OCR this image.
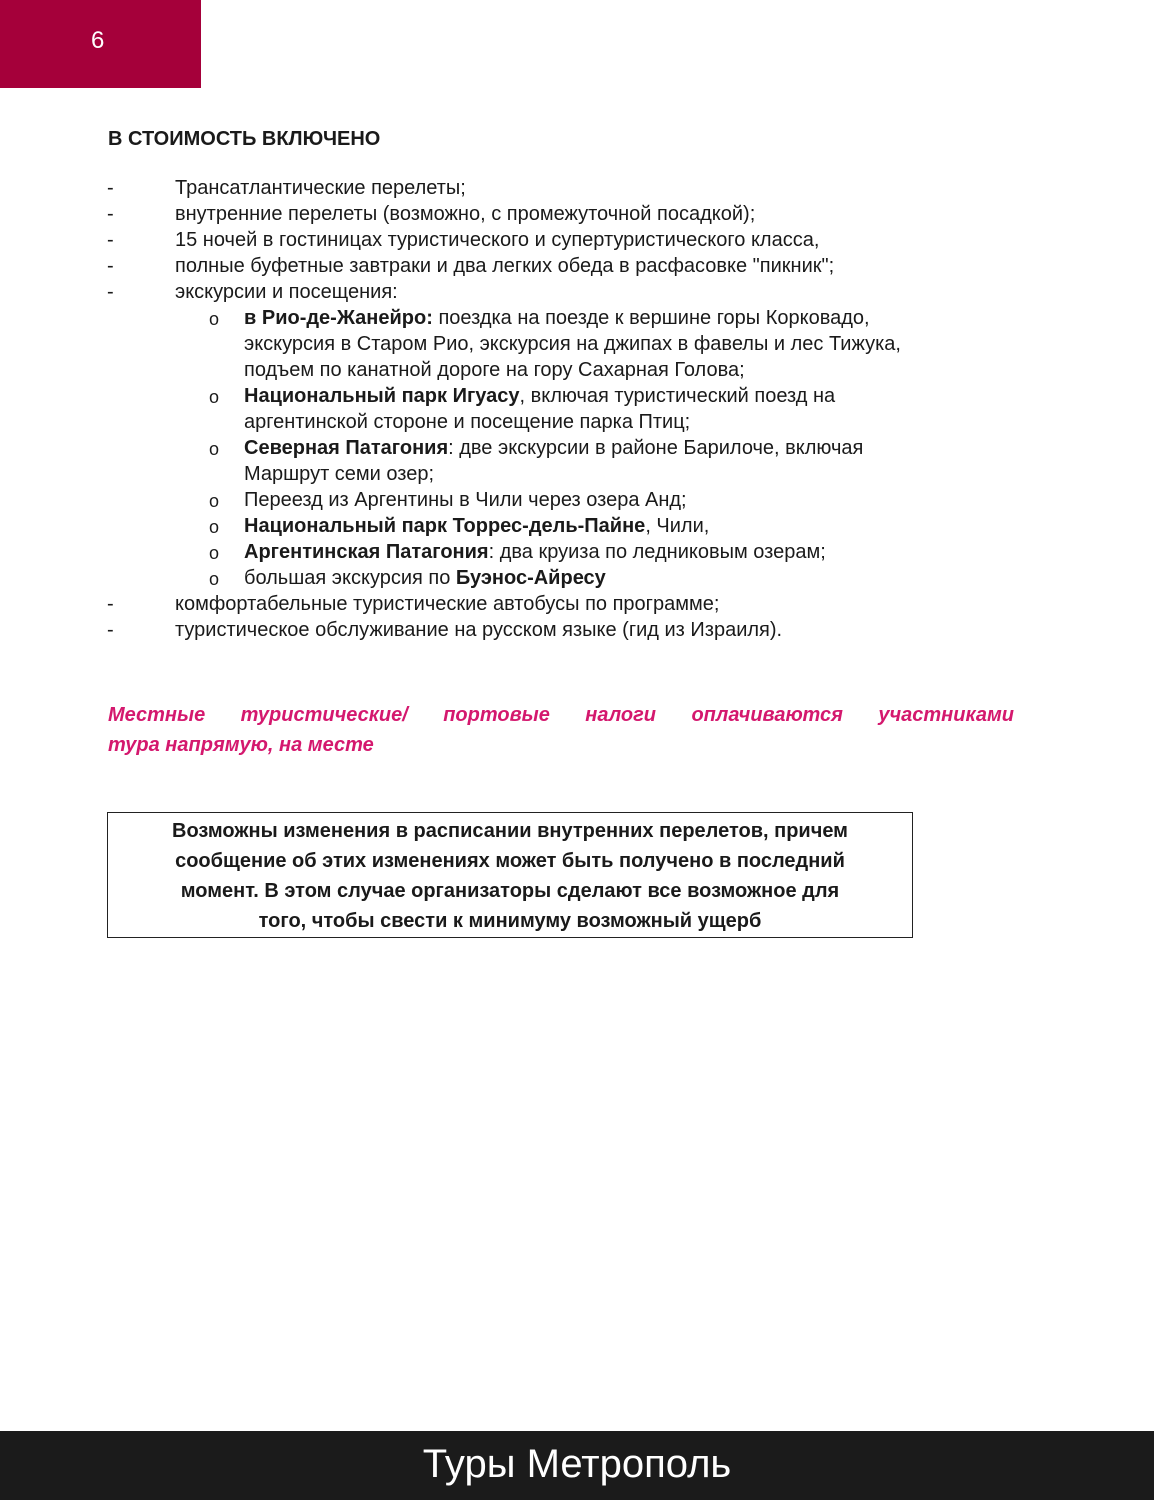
6
В СТОИМОСТЬ ВКЛЮЧЕНО
-	Трансатлантические перелеты;
-	внутренние перелеты (возможно, с промежуточной посадкой);
-	15 ночей в гостиницах туристического и супертуристического класса,
-	полные буфетные завтраки и два легких обеда в расфасовке "пикник";
-	экскурсии и посещения:
o в Рио-де-Жанейро: поездка на поезде к вершине горы Корковадо,
экскурсия в Старом Рио, экскурсия на джипах в фавелы и лес Тижука,
подъем по канатной дороге на гору Сахарная Голова;
o Национальный парк Игуасу, включая туристический поезд на
аргентинской стороне и посещение парка Птиц;
o Северная Патагония: две экскурсии в районе Барилоче, включая
Маршрут семи озер;
o Переезд из Аргентины в Чили через озера Анд;
o Национальный парк Торрес-дель-Пайне, Чили,
o Аргентинская Патагония: два круиза по ледниковым озерам;
o большая экскурсия по Буэнос-Айресу
-	комфортабельные туристические автобусы по программе;
-	туристическое обслуживание на русском языке (гид из Израиля).
Местные туристические/ портовые налоги оплачиваются участниками
тура напрямую, на месте

Возможны изменения в расписании внутренних перелетов, причем
сообщение об этих изменениях может быть получено в последний
момент. В этом случае организаторы сделают все возможное для
того, чтобы свести к минимуму возможный ущерб

Туры Метрополь
